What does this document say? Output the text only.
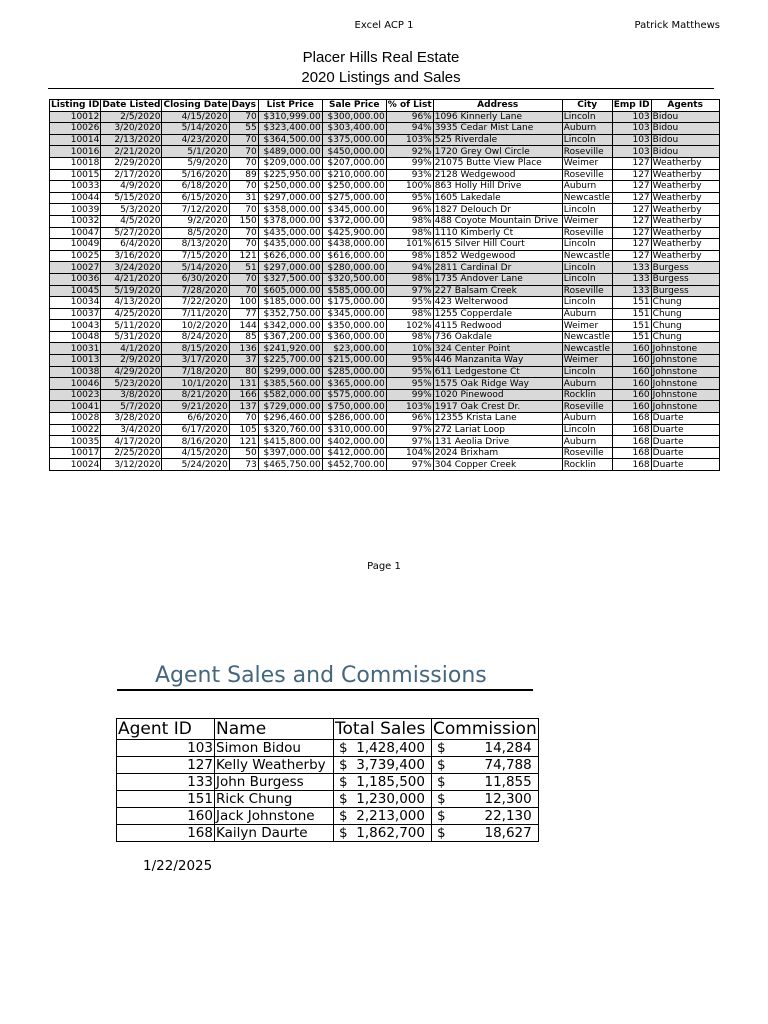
Excel ACP 1	Patrick Matthews
Placer Hills Real Estate
2020 Listings and Sales
Listing ID	Date Listed	Closing Date	Days	List Price	Sale Price	% of List	Address	City	Emp ID	Agents
10012	2/5/2020	4/15/2020	70	$310,999.00	$300,000.00	96%	1096 Kinnerly Lane	Lincoln	103	Bidou
10026	3/20/2020	5/14/2020	55	$323,400.00	$303,400.00	94%	3935 Cedar Mist Lane	Auburn	103	Bidou
10014	2/13/2020	4/23/2020	70	$364,500.00	$375,000.00	103%	525 Riverdale	Lincoln	103	Bidou
10016	2/21/2020	5/1/2020	70	$489,000.00	$450,000.00	92%	1720 Grey Owl Circle	Roseville	103	Bidou
10018	2/29/2020	5/9/2020	70	$209,000.00	$207,000.00	99%	21075 Butte View Place	Weimer	127	Weatherby
10015	2/17/2020	5/16/2020	89	$225,950.00	$210,000.00	93%	2128 Wedgewood	Roseville	127	Weatherby
10033	4/9/2020	6/18/2020	70	$250,000.00	$250,000.00	100%	863 Holly Hill Drive	Auburn	127	Weatherby
10044	5/15/2020	6/15/2020	31	$297,000.00	$275,000.00	95%	1605 Lakedale	Newcastle	127	Weatherby
10039	5/3/2020	7/12/2020	70	$358,000.00	$345,000.00	96%	1827 Delouch Dr	Lincoln	127	Weatherby
10032	4/5/2020	9/2/2020	150	$378,000.00	$372,000.00	98%	488 Coyote Mountain Drive	Weimer	127	Weatherby
10047	5/27/2020	8/5/2020	70	$435,000.00	$425,900.00	98%	1110 Kimberly Ct	Roseville	127	Weatherby
10049	6/4/2020	8/13/2020	70	$435,000.00	$438,000.00	101%	615 Silver Hill Court	Lincoln	127	Weatherby
10025	3/16/2020	7/15/2020	121	$626,000.00	$616,000.00	98%	1852 Wedgewood	Newcastle	127	Weatherby
10027	3/24/2020	5/14/2020	51	$297,000.00	$280,000.00	94%	2811 Cardinal Dr	Lincoln	133	Burgess
10036	4/21/2020	6/30/2020	70	$327,500.00	$320,500.00	98%	1735 Andover Lane	Lincoln	133	Burgess
10045	5/19/2020	7/28/2020	70	$605,000.00	$585,000.00	97%	227 Balsam Creek	Roseville	133	Burgess
10034	4/13/2020	7/22/2020	100	$185,000.00	$175,000.00	95%	423 Welterwood	Lincoln	151	Chung
10037	4/25/2020	7/11/2020	77	$352,750.00	$345,000.00	98%	1255 Copperdale	Auburn	151	Chung
10043	5/11/2020	10/2/2020	144	$342,000.00	$350,000.00	102%	4115 Redwood	Weimer	151	Chung
10048	5/31/2020	8/24/2020	85	$367,200.00	$360,000.00	98%	736 Oakdale	Newcastle	151	Chung
10031	4/1/2020	8/15/2020	136	$241,920.00	$23,000.00	10%	324 Center Point	Newcastle	160	Johnstone
10013	2/9/2020	3/17/2020	37	$225,700.00	$215,000.00	95%	446 Manzanita Way	Weimer	160	Johnstone
10038	4/29/2020	7/18/2020	80	$299,000.00	$285,000.00	95%	611 Ledgestone Ct	Lincoln	160	Johnstone
10046	5/23/2020	10/1/2020	131	$385,560.00	$365,000.00	95%	1575 Oak Ridge Way	Auburn	160	Johnstone
10023	3/8/2020	8/21/2020	166	$582,000.00	$575,000.00	99%	1020 Pinewood	Rocklin	160	Johnstone
10041	5/7/2020	9/21/2020	137	$729,000.00	$750,000.00	103%	1917 Oak Crest Dr.	Roseville	160	Johnstone
10028	3/28/2020	6/6/2020	70	$296,460.00	$286,000.00	96%	12355 Krista Lane	Auburn	168	Duarte
10022	3/4/2020	6/17/2020	105	$320,760.00	$310,000.00	97%	272 Lariat Loop	Lincoln	168	Duarte
10035	4/17/2020	8/16/2020	121	$415,800.00	$402,000.00	97%	131 Aeolia Drive	Auburn	168	Duarte
10017	2/25/2020	4/15/2020	50	$397,000.00	$412,000.00	104%	2024 Brixham	Roseville	168	Duarte
10024	3/12/2020	5/24/2020	73	$465,750.00	$452,700.00	97%	304 Copper Creek	Rocklin	168	Duarte
Page 1
Agent Sales and Commissions
Agent ID	Name	Total Sales	Commission
103	Simon Bidou	$ 1,428,400	$ 14,284
127	Kelly Weatherby	$ 3,739,400	$ 74,788
133	John Burgess	$ 1,185,500	$ 11,855
151	Rick Chung	$ 1,230,000	$ 12,300
160	Jack Johnstone	$ 2,213,000	$ 22,130
168	Kailyn Daurte	$ 1,862,700	$ 18,627
1/22/2025
